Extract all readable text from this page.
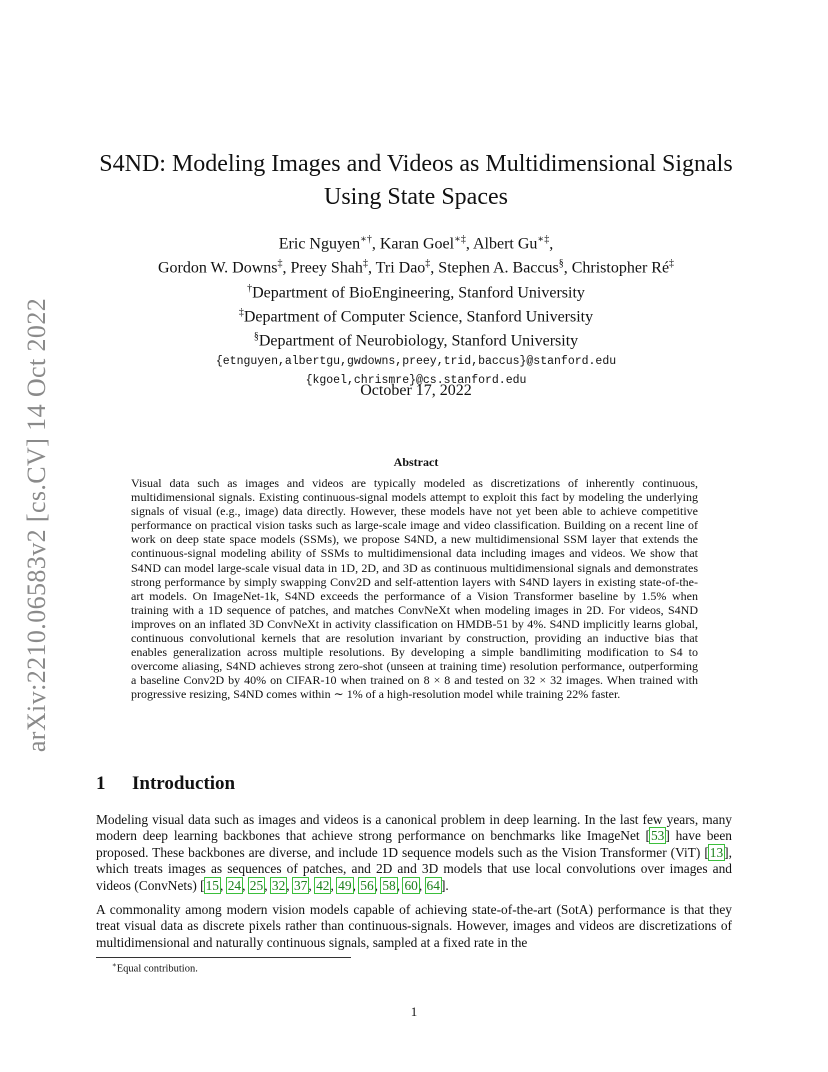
arXiv:2210.06583v2 [cs.CV] 14 Oct 2022
S4ND: Modeling Images and Videos as Multidimensional Signals
Using State Spaces
Eric Nguyen∗†, Karan Goel∗‡, Albert Gu∗‡,
Gordon W. Downs‡, Preey Shah‡, Tri Dao‡, Stephen A. Baccus§, Christopher Ré‡
†Department of BioEngineering, Stanford University
‡Department of Computer Science, Stanford University
§Department of Neurobiology, Stanford University
{etnguyen,albertgu,gwdowns,preey,trid,baccus}@stanford.edu
{kgoel,chrismre}@cs.stanford.edu
October 17, 2022
Abstract
Visual data such as images and videos are typically modeled as discretizations of inherently continuous, multidimensional signals. Existing continuous-signal models attempt to exploit this fact by modeling the underlying signals of visual (e.g., image) data directly. However, these models have not yet been able to achieve competitive performance on practical vision tasks such as large-scale image and video classification. Building on a recent line of work on deep state space models (SSMs), we propose S4ND, a new multidimensional SSM layer that extends the continuous-signal modeling ability of SSMs to multidimensional data including images and videos. We show that S4ND can model large-scale visual data in 1D, 2D, and 3D as continuous multidimensional signals and demonstrates strong performance by simply swapping Conv2D and self-attention layers with S4ND layers in existing state-of-the-art models. On ImageNet-1k, S4ND exceeds the performance of a Vision Transformer baseline by 1.5% when training with a 1D sequence of patches, and matches ConvNeXt when modeling images in 2D. For videos, S4ND improves on an inflated 3D ConvNeXt in activity classification on HMDB-51 by 4%. S4ND implicitly learns global, continuous convolutional kernels that are resolution invariant by construction, providing an inductive bias that enables generalization across multiple resolutions. By developing a simple bandlimiting modification to S4 to overcome aliasing, S4ND achieves strong zero-shot (unseen at training time) resolution performance, outperforming a baseline Conv2D by 40% on CIFAR-10 when trained on 8 × 8 and tested on 32 × 32 images. When trained with progressive resizing, S4ND comes within ∼ 1% of a high-resolution model while training 22% faster.
1 Introduction
Modeling visual data such as images and videos is a canonical problem in deep learning. In the last few years, many modern deep learning backbones that achieve strong performance on benchmarks like ImageNet [53] have been proposed. These backbones are diverse, and include 1D sequence models such as the Vision Transformer (ViT) [13], which treats images as sequences of patches, and 2D and 3D models that use local convolutions over images and videos (ConvNets) [15, 24, 25, 32, 37, 42, 49, 56, 58, 60, 64].
A commonality among modern vision models capable of achieving state-of-the-art (SotA) performance is that they treat visual data as discrete pixels rather than continuous-signals. However, images and videos are discretizations of multidimensional and naturally continuous signals, sampled at a fixed rate in the
∗Equal contribution.
1
